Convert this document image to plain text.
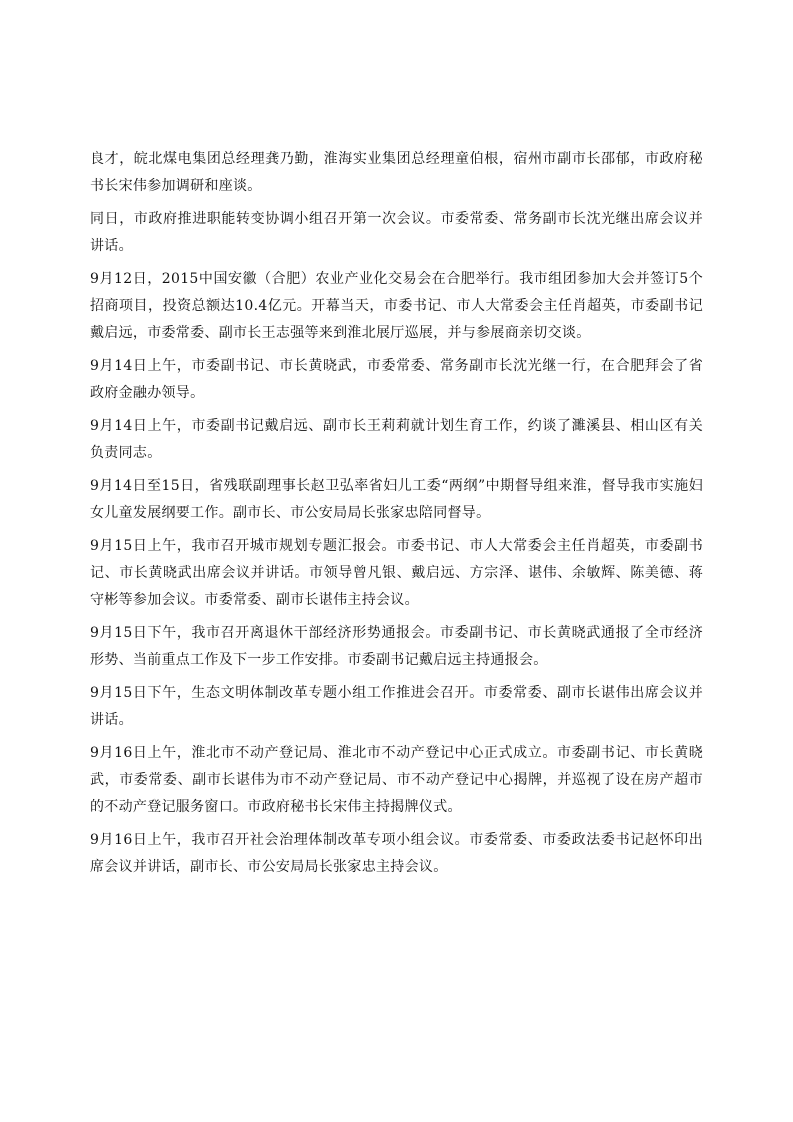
良才，皖北煤电集团总经理龚乃勤，淮海实业集团总经理童伯根，宿州市副市长邵郁，市政府秘书长宋伟参加调研和座谈。

同日，市政府推进职能转变协调小组召开第一次会议。市委常委、常务副市长沈光继出席会议并讲话。

9月12日，2015中国安徽（合肥）农业产业化交易会在合肥举行。我市组团参加大会并签订5个招商项目，投资总额达10.4亿元。开幕当天，市委书记、市人大常委会主任肖超英，市委副书记戴启远，市委常委、副市长王志强等来到淮北展厅巡展，并与参展商亲切交谈。

9月14日上午，市委副书记、市长黄晓武，市委常委、常务副市长沈光继一行，在合肥拜会了省政府金融办领导。

9月14日上午，市委副书记戴启远、副市长王莉莉就计划生育工作，约谈了濉溪县、相山区有关负责同志。

9月14日至15日，省残联副理事长赵卫弘率省妇儿工委“两纲”中期督导组来淮，督导我市实施妇女儿童发展纲要工作。副市长、市公安局局长张家忠陪同督导。

9月15日上午，我市召开城市规划专题汇报会。市委书记、市人大常委会主任肖超英，市委副书记、市长黄晓武出席会议并讲话。市领导曾凡银、戴启远、方宗泽、谌伟、余敏辉、陈美德、蒋守彬等参加会议。市委常委、副市长谌伟主持会议。

9月15日下午，我市召开离退休干部经济形势通报会。市委副书记、市长黄晓武通报了全市经济形势、当前重点工作及下一步工作安排。市委副书记戴启远主持通报会。

9月15日下午，生态文明体制改革专题小组工作推进会召开。市委常委、副市长谌伟出席会议并讲话。

9月16日上午，淮北市不动产登记局、淮北市不动产登记中心正式成立。市委副书记、市长黄晓武，市委常委、副市长谌伟为市不动产登记局、市不动产登记中心揭牌，并巡视了设在房产超市的不动产登记服务窗口。市政府秘书长宋伟主持揭牌仪式。

9月16日上午，我市召开社会治理体制改革专项小组会议。市委常委、市委政法委书记赵怀印出席会议并讲话，副市长、市公安局局长张家忠主持会议。
